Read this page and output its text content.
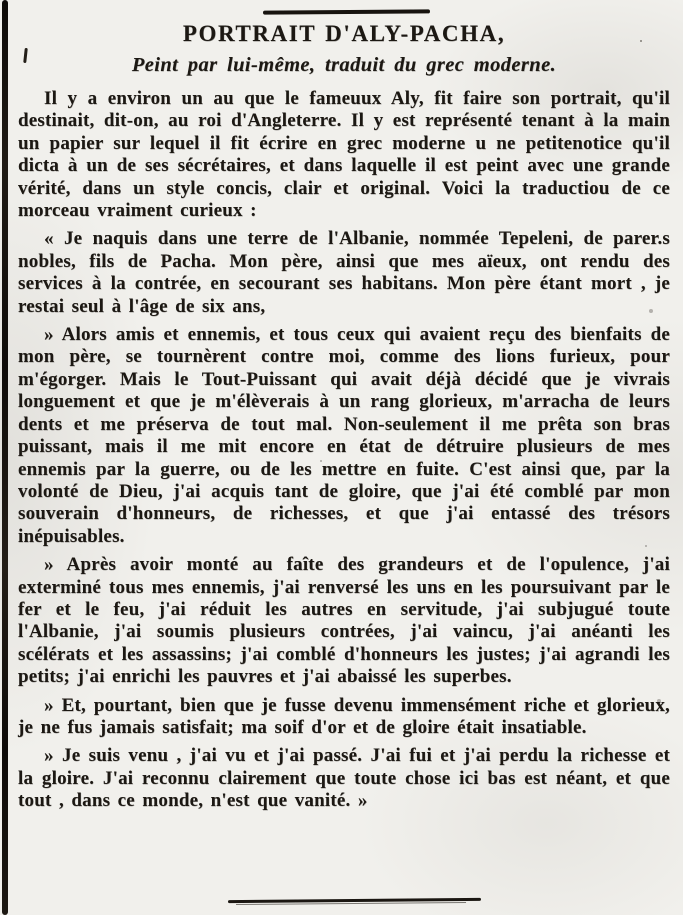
PORTRAIT D'ALY-PACHA,
Peint par lui-même, traduit du grec moderne.

Il y a environ un au que le fameuux Aly, fit faire son portrait, qu'il destinait, dit-on, au roi d'Angleterre. Il y est représenté tenant à la main un papier sur lequel il fit écrire en grec moderne u ne petitenotice qu'il dicta à un de ses sécrétaires, et dans laquelle il est peint avec une grande vérité, dans un style concis, clair et original. Voici la traductiou de ce morceau vraiment curieux :

« Je naquis dans une terre de l'Albanie, nommée Tepeleni, de parer.s nobles, fils de Pacha. Mon père, ainsi que mes aïeux, ont rendu des services à la contrée, en secourant ses habitans. Mon père étant mort , je restai seul à l'âge de six ans,

» Alors amis et ennemis, et tous ceux qui avaient reçu des bienfaits de mon père, se tournèrent contre moi, comme des lions furieux, pour m'égorger. Mais le Tout-Puissant qui avait déjà décidé que je vivrais longuement et que je m'élèverais à un rang glorieux, m'arracha de leurs dents et me préserva de tout mal. Non-seulement il me prêta son bras puissant, mais il me mit encore en état de détruire plusieurs de mes ennemis par la guerre, ou de les mettre en fuite. C'est ainsi que, par la volonté de Dieu, j'ai acquis tant de gloire, que j'ai été comblé par mon souverain d'honneurs, de richesses, et que j'ai entassé des trésors inépuisables.

» Après avoir monté au faîte des grandeurs et de l'opulence, j'ai exterminé tous mes ennemis, j'ai renversé les uns en les poursuivant par le fer et le feu, j'ai réduit les autres en servitude, j'ai subjugué toute l'Albanie, j'ai soumis plusieurs contrées, j'ai vaincu, j'ai anéanti les scélérats et les assassins; j'ai comblé d'honneurs les justes; j'ai agrandi les petits; j'ai enrichi les pauvres et j'ai abaissé les superbes.

» Et, pourtant, bien que je fusse devenu immensément riche et glorieux, je ne fus jamais satisfait; ma soif d'or et de gloire était insatiable.

» Je suis venu , j'ai vu et j'ai passé. J'ai fui et j'ai perdu la richesse et la gloire. J'ai reconnu clairement que toute chose ici bas est néant, et que tout , dans ce monde, n'est que vanité. »
